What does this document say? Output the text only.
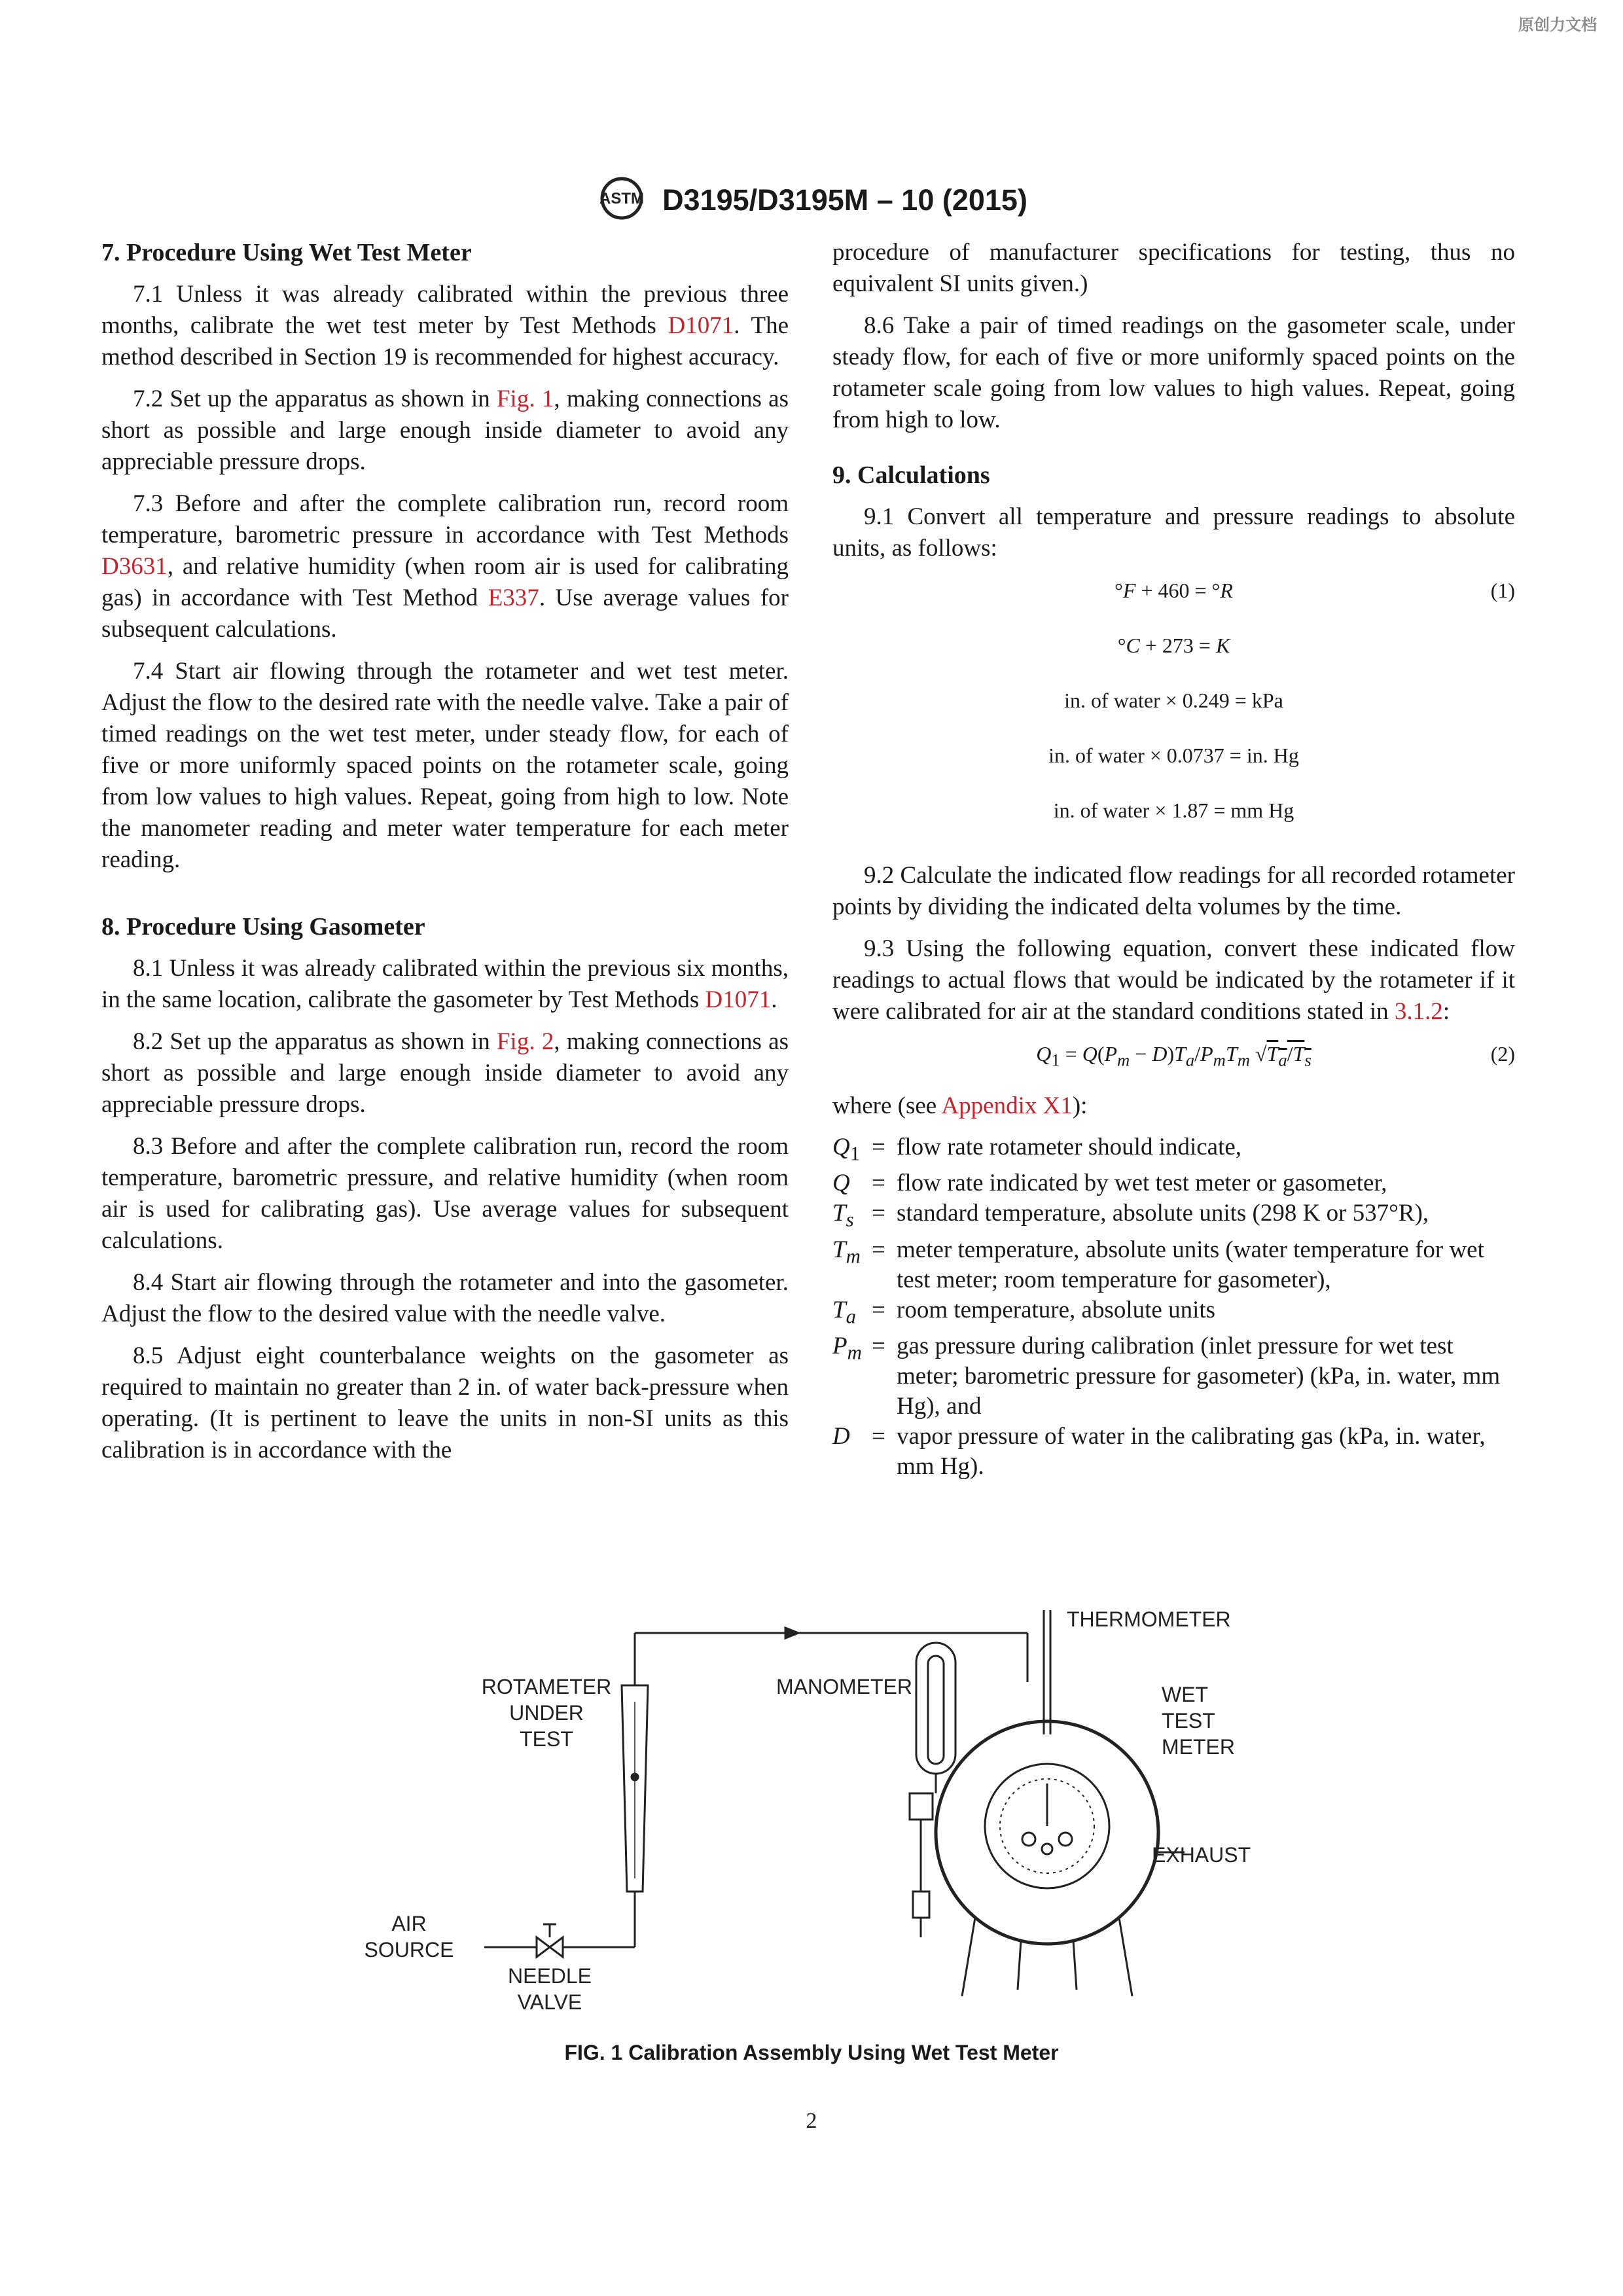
原创力文档
ASTM D3195/D3195M – 10 (2015)
7. Procedure Using Wet Test Meter

7.1 Unless it was already calibrated within the previous three months, calibrate the wet test meter by Test Methods D1071. The method described in Section 19 is recommended for highest accuracy.

7.2 Set up the apparatus as shown in Fig. 1, making connections as short as possible and large enough inside diameter to avoid any appreciable pressure drops.

7.3 Before and after the complete calibration run, record room temperature, barometric pressure in accordance with Test Methods D3631, and relative humidity (when room air is used for calibrating gas) in accordance with Test Method E337. Use average values for subsequent calculations.

7.4 Start air flowing through the rotameter and wet test meter. Adjust the flow to the desired rate with the needle valve. Take a pair of timed readings on the wet test meter, under steady flow, for each of five or more uniformly spaced points on the rotameter scale, going from low values to high values. Repeat, going from high to low. Note the manometer reading and meter water temperature for each meter reading.

8. Procedure Using Gasometer

8.1 Unless it was already calibrated within the previous six months, in the same location, calibrate the gasometer by Test Methods D1071.

8.2 Set up the apparatus as shown in Fig. 2, making connections as short as possible and large enough inside diameter to avoid any appreciable pressure drops.

8.3 Before and after the complete calibration run, record the room temperature, barometric pressure, and relative humidity (when room air is used for calibrating gas). Use average values for subsequent calculations.

8.4 Start air flowing through the rotameter and into the gasometer. Adjust the flow to the desired value with the needle valve.

8.5 Adjust eight counterbalance weights on the gasometer as required to maintain no greater than 2 in. of water back-pressure when operating. (It is pertinent to leave the units in non-SI units as this calibration is in accordance with the

procedure of manufacturer specifications for testing, thus no equivalent SI units given.)

8.6 Take a pair of timed readings on the gasometer scale, under steady flow, for each of five or more uniformly spaced points on the rotameter scale going from low values to high values. Repeat, going from high to low.

9. Calculations

9.1 Convert all temperature and pressure readings to absolute units, as follows:

°F + 460 = °R	(1)
°C + 273 = K
in. of water × 0.249 = kPa
in. of water × 0.0737 = in. Hg
in. of water × 1.87 = mm Hg

9.2 Calculate the indicated flow readings for all recorded rotameter points by dividing the indicated delta volumes by the time.

9.3 Using the following equation, convert these indicated flow readings to actual flows that would be indicated by the rotameter if it were calibrated for air at the standard conditions stated in 3.1.2:

$Q_1 = Q(P_m - D)T_a/P_mT_m$ $√T_a/T_s$	(2)

where (see Appendix X1):

$Q_1$ = flow rate rotameter should indicate,
Q = flow rate indicated by wet test meter or gasometer,
$T_s$ = standard temperature, absolute units (298 K or 537°R),
$T_m$ = meter temperature, absolute units (water temperature for wet test meter; room temperature for gasometer),
$T_a$ = room temperature, absolute units
$P_m$ = gas pressure during calibration (inlet pressure for wet test meter; barometric pressure for gasometer) (kPa, in. water, mm Hg), and
D = vapor pressure of water in the calibrating gas (kPa, in. water, mm Hg).
ROTAMETER
UNDER
TEST
MANOMETER
THERMOMETER
WET
TEST
METER
EXHAUST
AIR
SOURCE
NEEDLE
VALVE
FIG. 1 Calibration Assembly Using Wet Test Meter
2
